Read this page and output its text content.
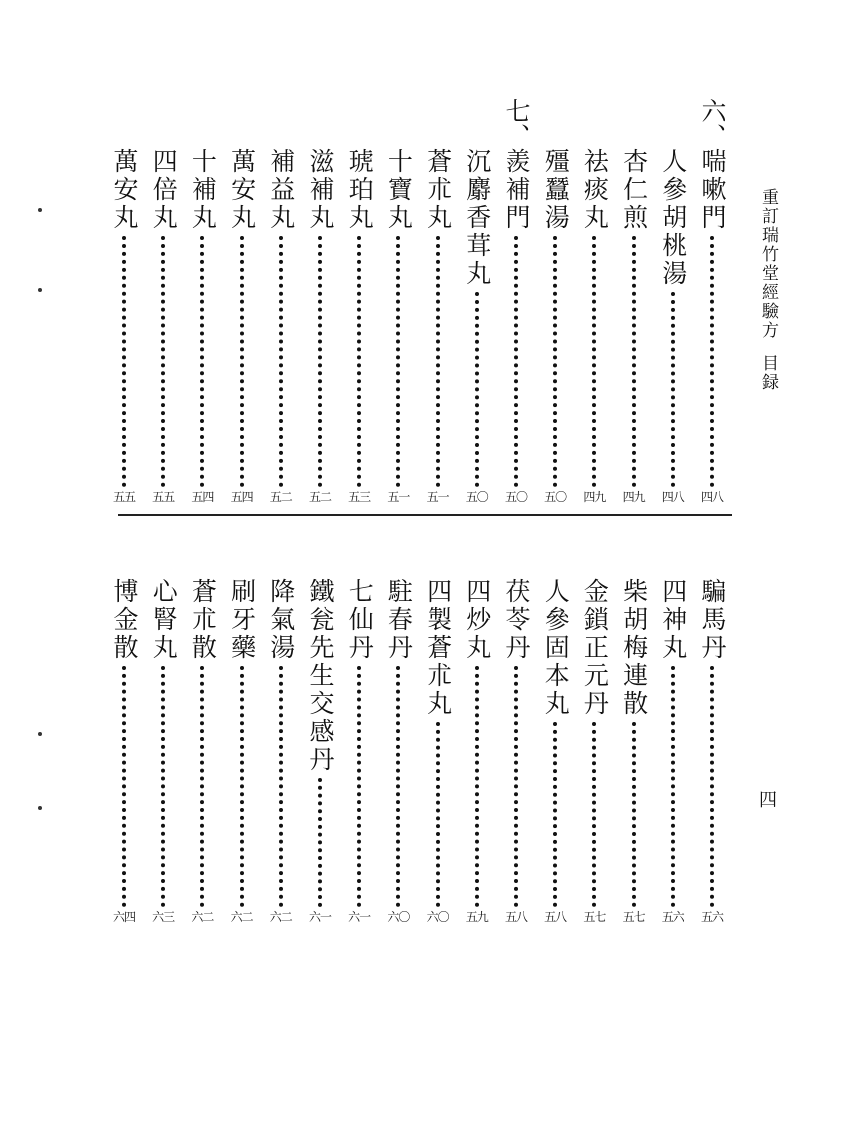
重訂瑞竹堂經驗方目録
四
喘嗽門
四八
六、
人參胡桃湯
四八
杏仁煎
四九
祛痰丸
四九
殭蠶湯
五〇
羨補門
五〇
七、
沉麝香茸丸
五〇
蒼朮丸
五一
十寶丸
五一
琥珀丸
五三
滋補丸
五二
補益丸
五二
萬安丸
五四
十補丸
五四
四倍丸
五五
萬安丸
五五
騙馬丹
五六
四神丸
五六
柴胡梅連散
五七
金鎖正元丹
五七
人參固本丸
五八
茯苓丹
五八
四炒丸
五九
四製蒼朮丸
六〇
駐春丹
六〇
七仙丹
六一
鐵瓮先生交感丹
六一
降氣湯
六二
刷牙藥
六二
蒼朮散
六二
心腎丸
六三
博金散
六四
